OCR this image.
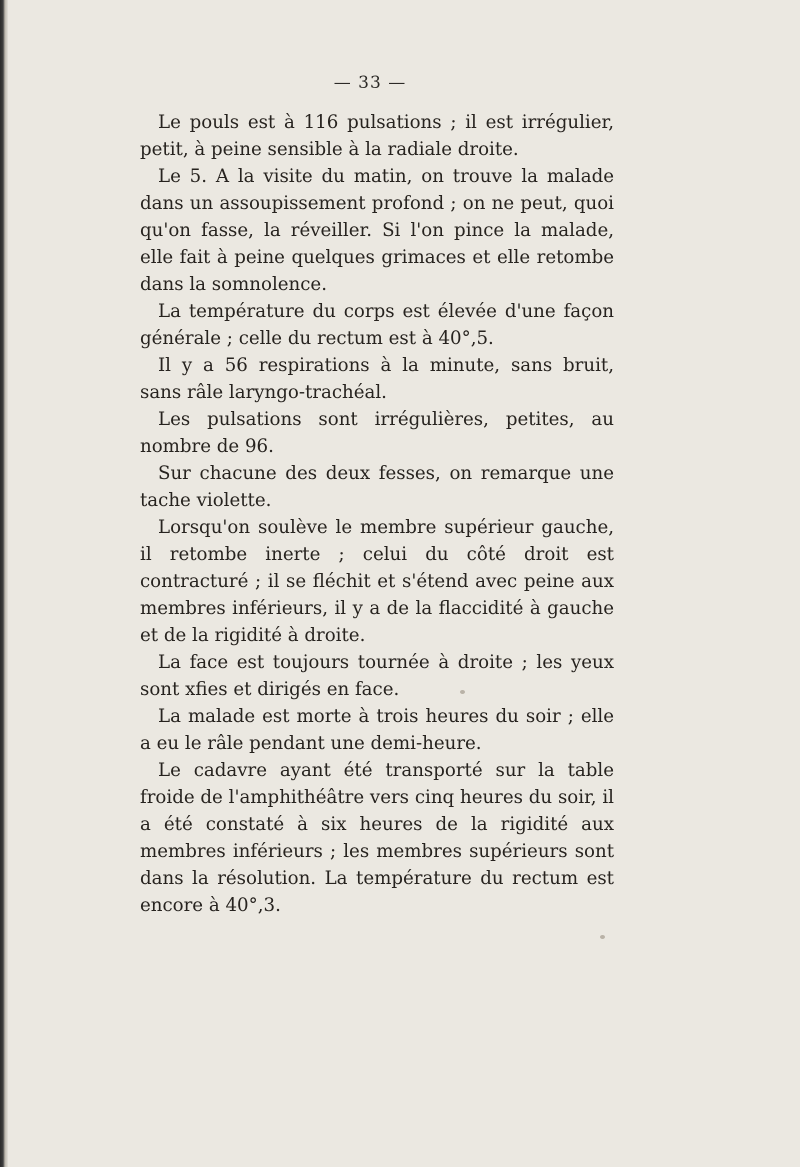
— 33 —

Le pouls est à 116 pulsations ; il est irrégulier, petit, à peine sensible à la radiale droite.

Le 5. A la visite du matin, on trouve la malade dans un assoupissement profond ; on ne peut, quoi qu'on fasse, la réveiller. Si l'on pince la malade, elle fait à peine quelques grimaces et elle retombe dans la somnolence.

La température du corps est élevée d'une façon générale ; celle du rectum est à 40°,5.

Il y a 56 respirations à la minute, sans bruit, sans râle laryngo-trachéal.

Les pulsations sont irrégulières, petites, au nombre de 96.

Sur chacune des deux fesses, on remarque une tache violette.

Lorsqu'on soulève le membre supérieur gauche, il retombe inerte ; celui du côté droit est contracturé ; il se fléchit et s'étend avec peine aux membres inférieurs, il y a de la flaccidité à gauche et de la rigidité à droite.

La face est toujours tournée à droite ; les yeux sont xfies et dirigés en face.

La malade est morte à trois heures du soir ; elle a eu le râle pendant une demi-heure.

Le cadavre ayant été transporté sur la table froide de l'amphithéâtre vers cinq heures du soir, il a été constaté à six heures de la rigidité aux membres inférieurs ; les membres supérieurs sont dans la résolution. La température du rectum est encore à 40°,3.
